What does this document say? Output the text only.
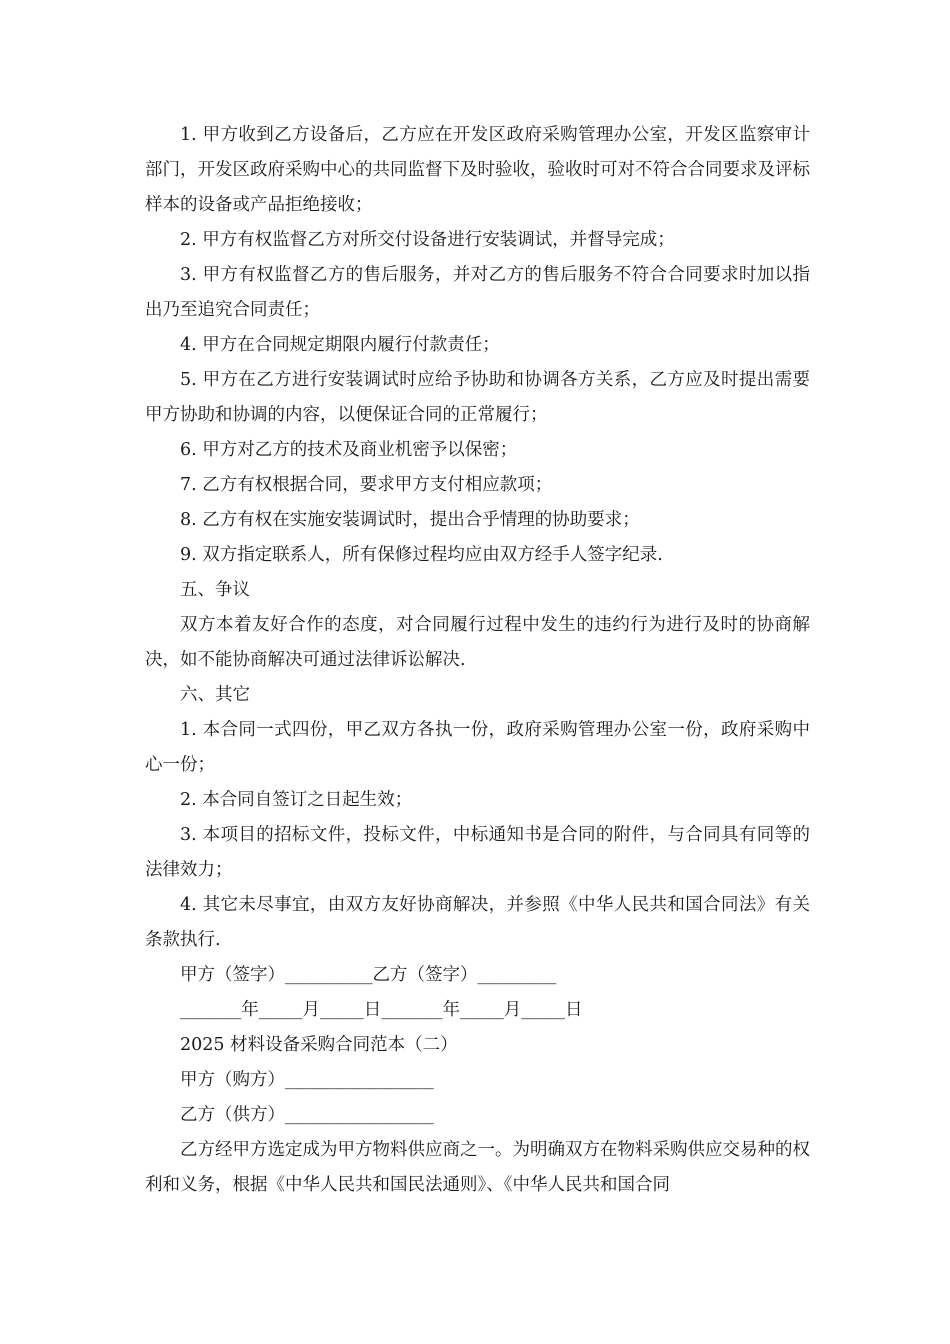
1. 甲方收到乙方设备后，乙方应在开发区政府采购管理办公室，开发区监察审计部门，开发区政府采购中心的共同监督下及时验收，验收时可对不符合合同要求及评标样本的设备或产品拒绝接收；

2. 甲方有权监督乙方对所交付设备进行安装调试，并督导完成；

3. 甲方有权监督乙方的售后服务，并对乙方的售后服务不符合合同要求时加以指出乃至追究合同责任；

4. 甲方在合同规定期限内履行付款责任；

5. 甲方在乙方进行安装调试时应给予协助和协调各方关系，乙方应及时提出需要甲方协助和协调的内容，以便保证合同的正常履行；

6. 甲方对乙方的技术及商业机密予以保密；

7. 乙方有权根据合同，要求甲方支付相应款项；

8. 乙方有权在实施安装调试时，提出合乎情理的协助要求；

9. 双方指定联系人，所有保修过程均应由双方经手人签字纪录.

五、争议

双方本着友好合作的态度，对合同履行过程中发生的违约行为进行及时的协商解决，如不能协商解决可通过法律诉讼解决.

六、其它

1. 本合同一式四份，甲乙双方各执一份，政府采购管理办公室一份，政府采购中心一份；

2. 本合同自签订之日起生效；

3. 本项目的招标文件，投标文件，中标通知书是合同的附件，与合同具有同等的法律效力；

4. 其它未尽事宜，由双方友好协商解决，并参照《中华人民共和国合同法》有关条款执行.

甲方（签字）__________乙方（签字）_________

_______年_____月_____日_______年_____月_____日

2025 材料设备采购合同范本（二）

甲方（购方）_________________

乙方（供方）_________________

乙方经甲方选定成为甲方物料供应商之一。为明确双方在物料采购供应交易种的权利和义务，根据《中华人民共和国民法通则》、《中华人民共和国合同
